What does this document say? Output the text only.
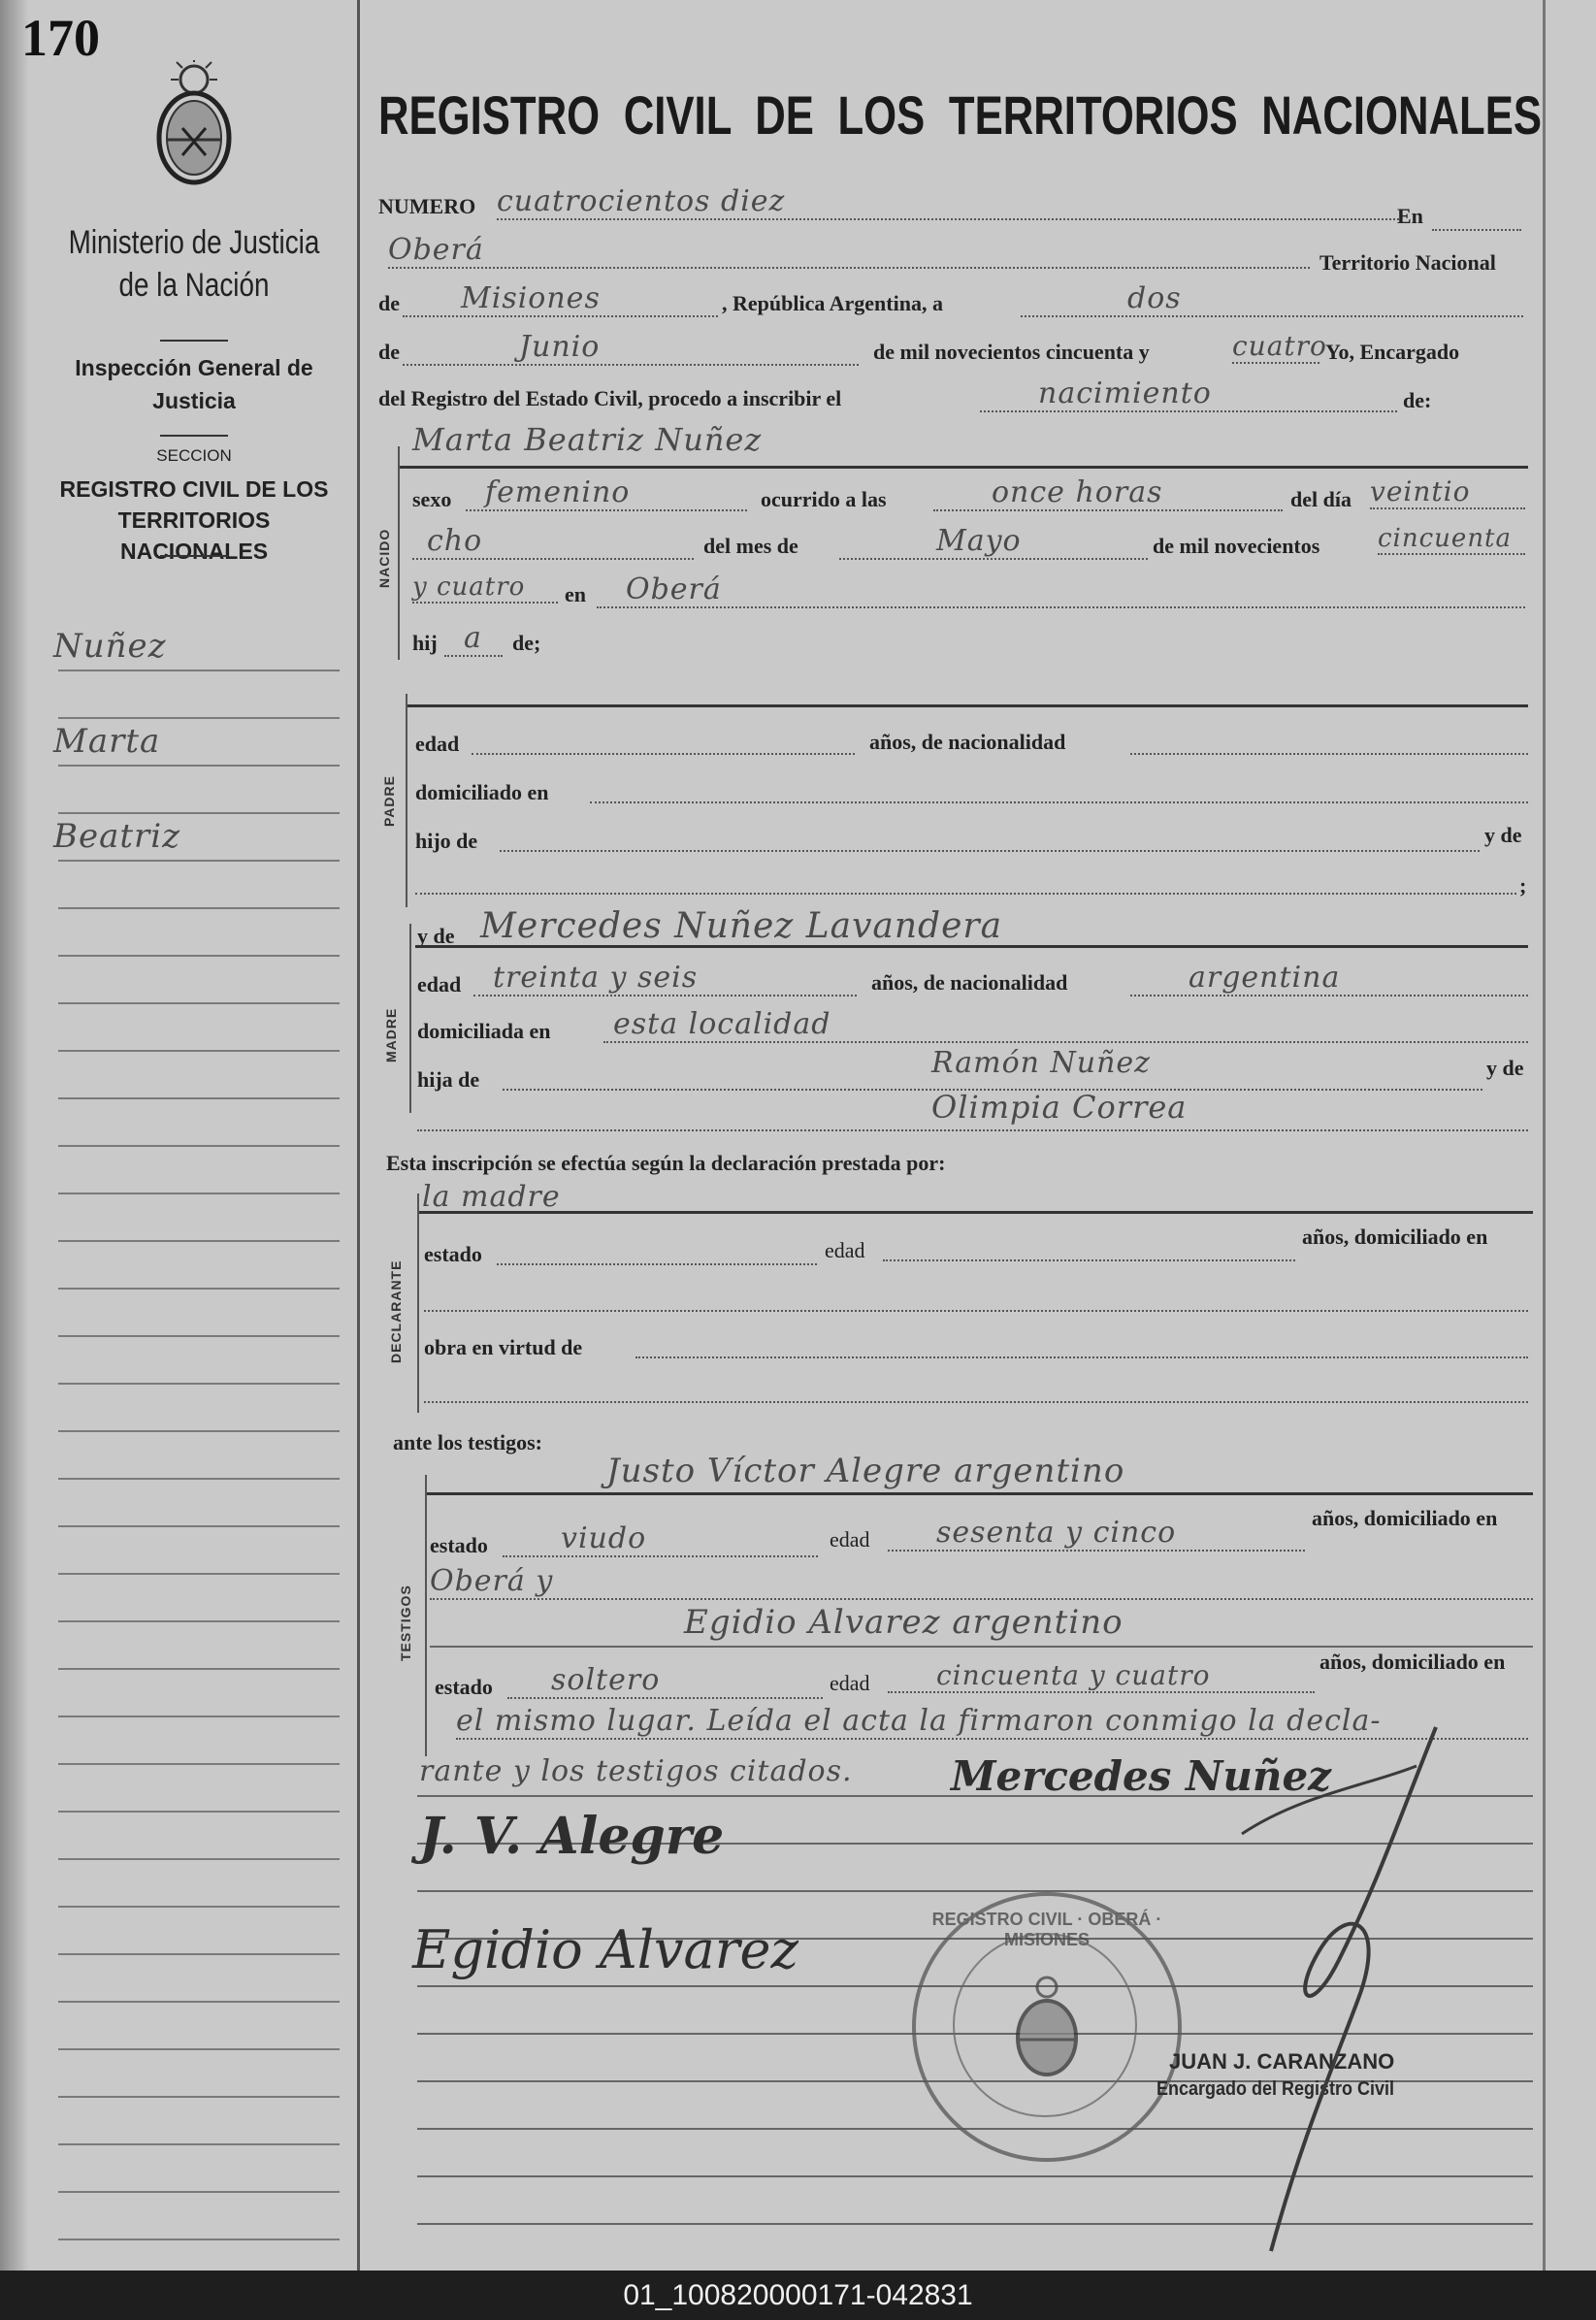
170
Ministerio de Justicia de la Nación
Inspección General de Justicia
SECCION
REGISTRO CIVIL DE LOS TERRITORIOS NACIONALES
Nuñez
Marta
Beatriz
REGISTRO CIVIL DE LOS TERRITORIOS NACIONALES
NUMERO cuatrocientos diez	En
Oberá	Territorio Nacional
de	Misiones	, República Argentina, a	dos
de	Junio	de mil novecientos cincuenta y	cuatro
Yo, Encargado
del Registro del Estado Civil, procedo a inscribir el	nacimiento	de:
Marta Beatriz Nuñez
NACIDO
sexo	femenino	ocurrido a las	once horas	del día veintio
cho	del mes de	Mayo	de mil novecientos cincuenta
y cuatro	en	Oberá
hij a	de;
PADRE
edad	años, de nacionalidad
domiciliado en
hijo de	y de
;
y de Mercedes Nuñez Lavandera
MADRE
edad	treinta y seis	años, de nacionalidad	argentina
domiciliada en	esta localidad
Ramón Nuñez
hija de	y de
Olimpia Correa
Esta inscripción se efectúa según la declaración prestada por:
la madre
DECLARANTE
estado	edad
años, domiciliado en
obra en virtud de
ante los testigos:
Justo Víctor Alegre argentino
TESTIGOS
estado	viudo	edad	sesenta y cinco	años, domiciliado en
Oberá y
Egidio Alvarez argentino
estado	soltero	edad	cincuenta y cuatro	años, domiciliado en
el mismo lugar. Leída el acta la firmaron conmigo la decla-
rante y los testigos citados. Mercedes Nuñez
J. V. Alegre
Egidio Alvarez	REGISTRO CIVIL · OBERÁ · MISIONES
JUAN J. CARANZANO
Encargado del Registro Civil
01_100820000171-042831
